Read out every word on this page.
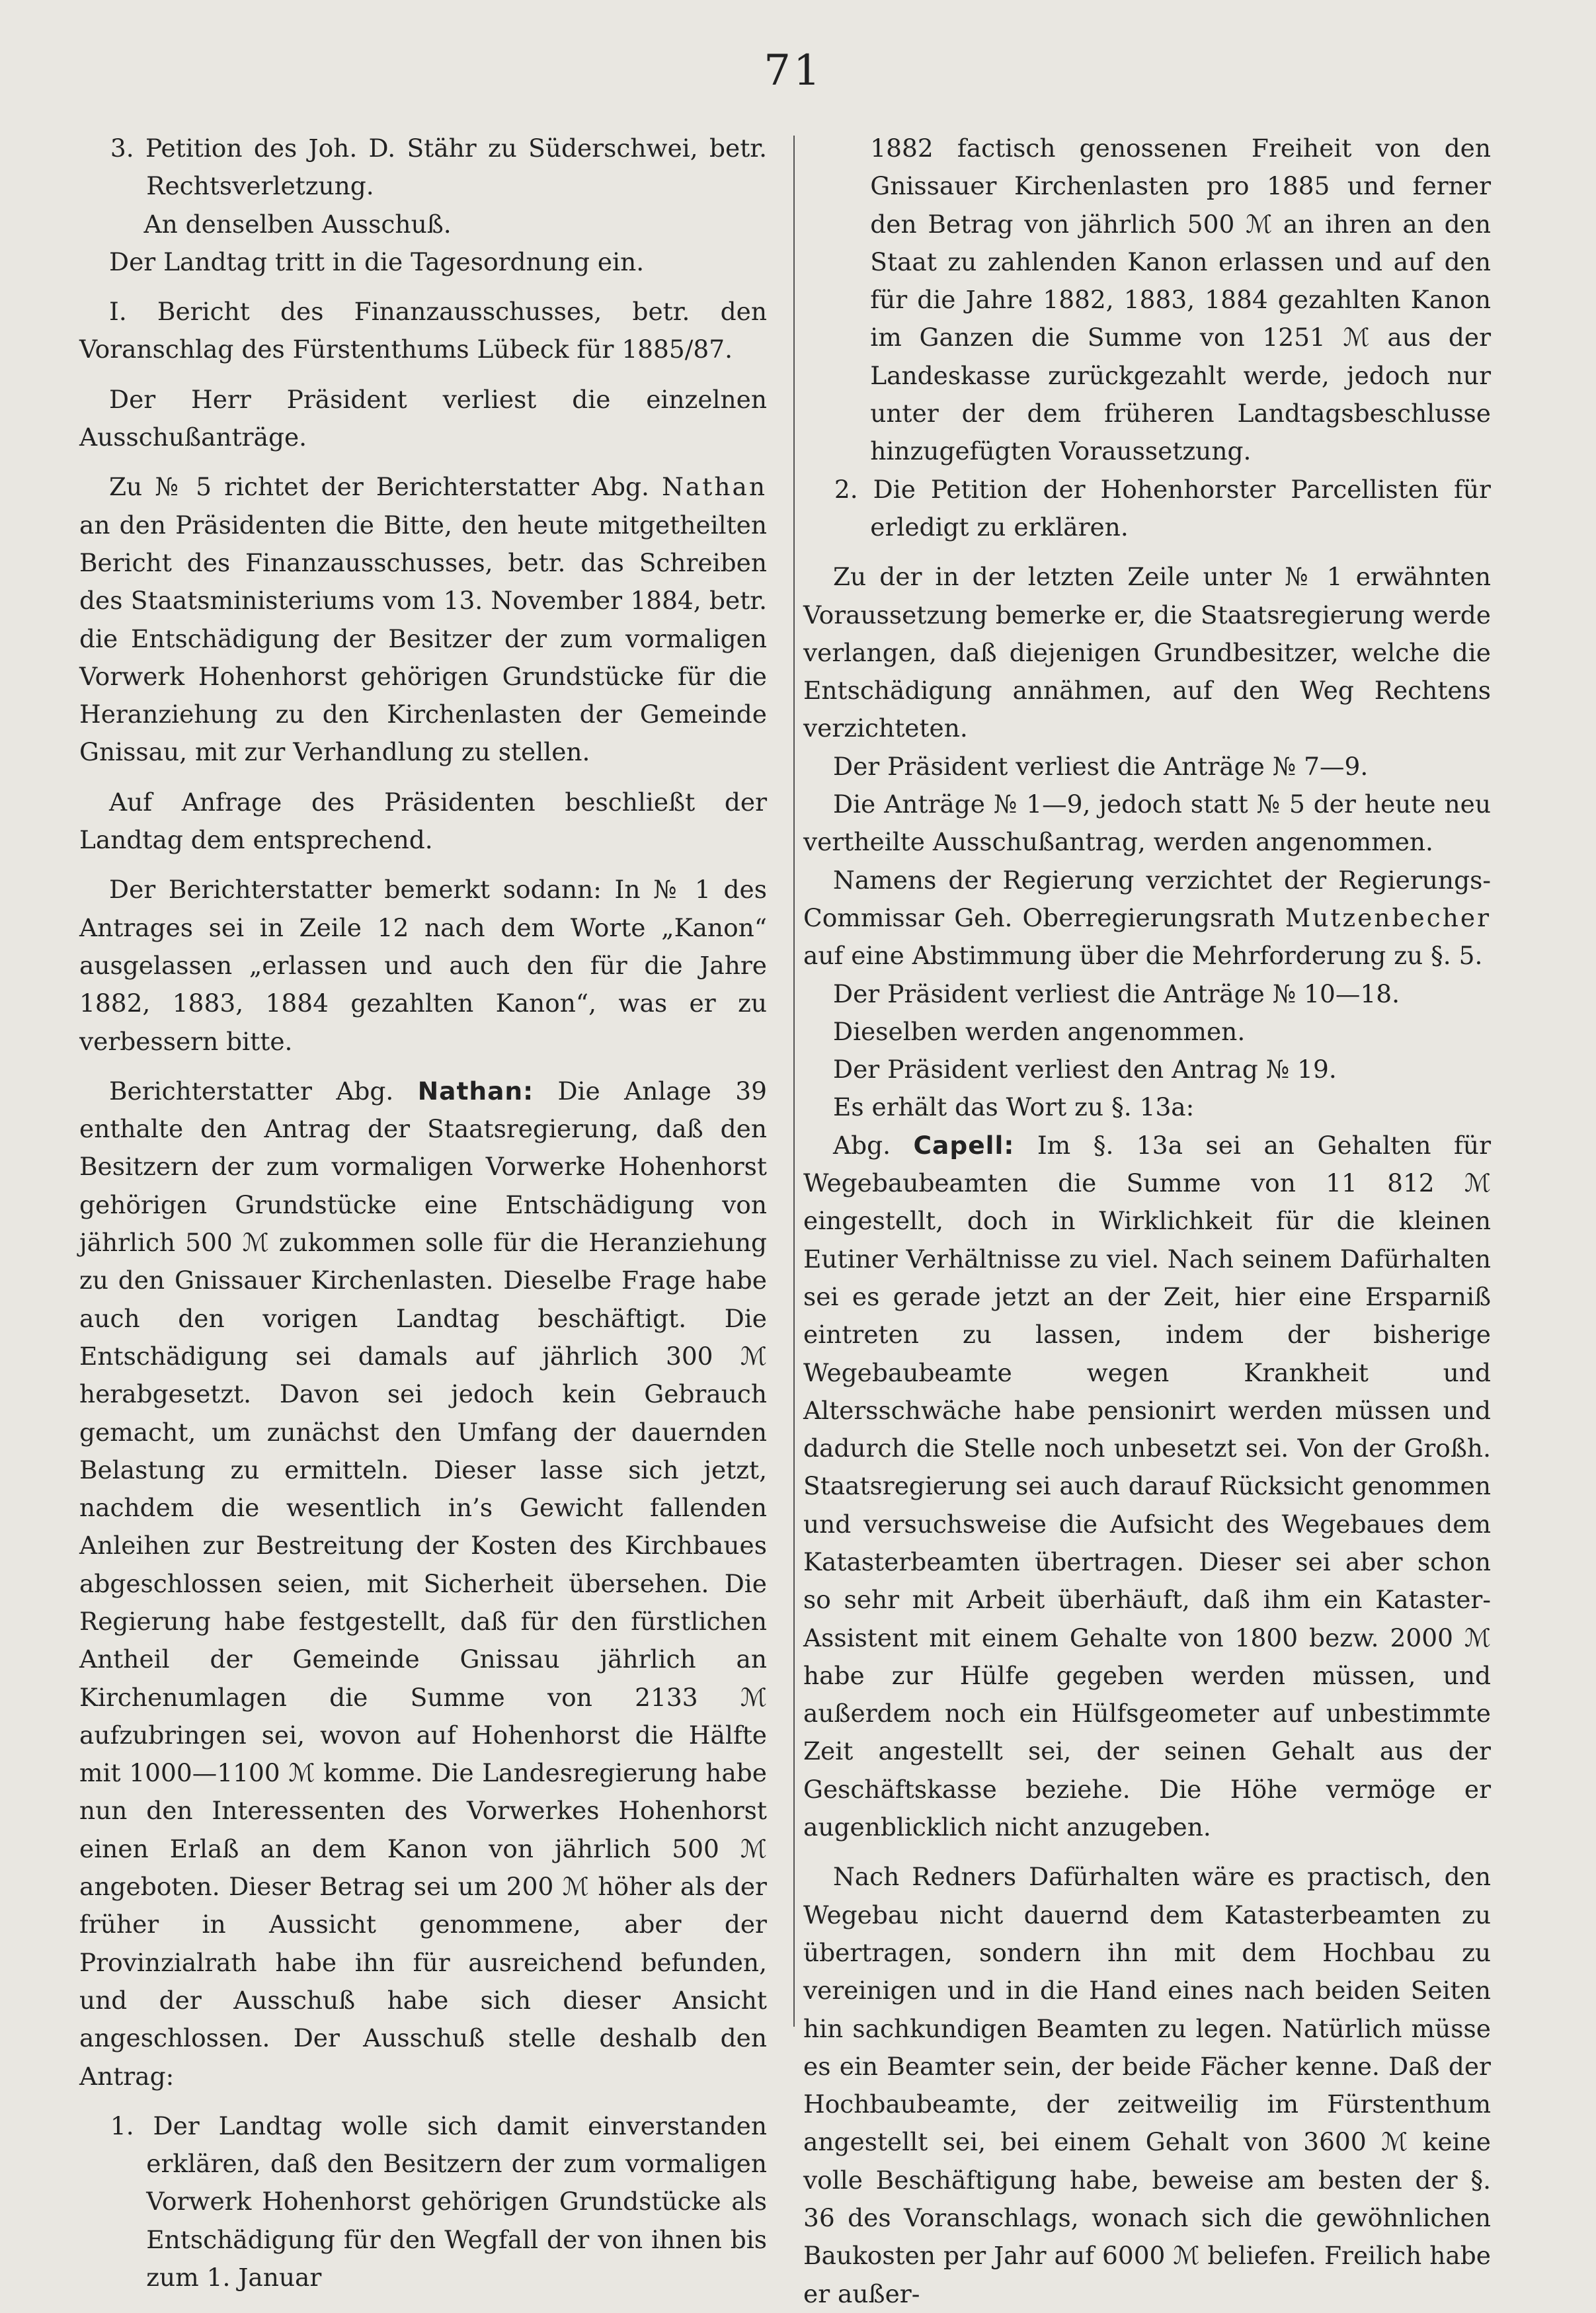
71

3. Petition des Joh. D. Stähr zu Süderschwei, betr. Rechtsverletzung.

An denselben Ausschuß.

Der Landtag tritt in die Tagesordnung ein.

I. Bericht des Finanzausschusses, betr. den Voranschlag des Fürstenthums Lübeck für 1885/87.

Der Herr Präsident verliest die einzelnen Ausschußanträge.

Zu № 5 richtet der Berichterstatter Abg. Nathan an den Präsidenten die Bitte, den heute mitgetheilten Bericht des Finanzausschusses, betr. das Schreiben des Staatsministeriums vom 13. November 1884, betr. die Entschädigung der Besitzer der zum vormaligen Vorwerk Hohenhorst gehörigen Grundstücke für die Heranziehung zu den Kirchenlasten der Gemeinde Gnissau, mit zur Verhandlung zu stellen.

Auf Anfrage des Präsidenten beschließt der Landtag dem entsprechend.

Der Berichterstatter bemerkt sodann: In № 1 des Antrages sei in Zeile 12 nach dem Worte „Kanon“ ausgelassen „erlassen und auch den für die Jahre 1882, 1883, 1884 gezahlten Kanon“, was er zu verbessern bitte.

Berichterstatter Abg. Nathan: Die Anlage 39 enthalte den Antrag der Staatsregierung, daß den Besitzern der zum vormaligen Vorwerke Hohenhorst gehörigen Grundstücke eine Entschädigung von jährlich 500 ℳ zukommen solle für die Heranziehung zu den Gnissauer Kirchenlasten. Dieselbe Frage habe auch den vorigen Landtag beschäftigt. Die Entschädigung sei damals auf jährlich 300 ℳ herabgesetzt. Davon sei jedoch kein Gebrauch gemacht, um zunächst den Umfang der dauernden Belastung zu ermitteln. Dieser lasse sich jetzt, nachdem die wesentlich in’s Gewicht fallenden Anleihen zur Bestreitung der Kosten des Kirchbaues abgeschlossen seien, mit Sicherheit übersehen. Die Regierung habe festgestellt, daß für den fürstlichen Antheil der Gemeinde Gnissau jährlich an Kirchenumlagen die Summe von 2133 ℳ aufzubringen sei, wovon auf Hohenhorst die Hälfte mit 1000—1100 ℳ komme. Die Landesregierung habe nun den Interessenten des Vorwerkes Hohenhorst einen Erlaß an dem Kanon von jährlich 500 ℳ angeboten. Dieser Betrag sei um 200 ℳ höher als der früher in Aussicht genommene, aber der Provinzialrath habe ihn für ausreichend befunden, und der Ausschuß habe sich dieser Ansicht angeschlossen. Der Ausschuß stelle deshalb den Antrag:

1. Der Landtag wolle sich damit einverstanden erklären, daß den Besitzern der zum vormaligen Vorwerk Hohenhorst gehörigen Grundstücke als Entschädigung für den Wegfall der von ihnen bis zum 1. Januar

1882 factisch genossenen Freiheit von den Gnissauer Kirchenlasten pro 1885 und ferner den Betrag von jährlich 500 ℳ an ihren an den Staat zu zahlenden Kanon erlassen und auf den für die Jahre 1882, 1883, 1884 gezahlten Kanon im Ganzen die Summe von 1251 ℳ aus der Landeskasse zurückgezahlt werde, jedoch nur unter der dem früheren Landtagsbeschlusse hinzugefügten Voraussetzung.

2. Die Petition der Hohenhorster Parcellisten für erledigt zu erklären.

Zu der in der letzten Zeile unter № 1 erwähnten Voraussetzung bemerke er, die Staatsregierung werde verlangen, daß diejenigen Grundbesitzer, welche die Entschädigung annähmen, auf den Weg Rechtens verzichteten.

Der Präsident verliest die Anträge № 7—9.

Die Anträge № 1—9, jedoch statt № 5 der heute neu vertheilte Ausschußantrag, werden angenommen.

Namens der Regierung verzichtet der Regierungs-Commissar Geh. Oberregierungsrath Mutzenbecher auf eine Abstimmung über die Mehrforderung zu §. 5.

Der Präsident verliest die Anträge № 10—18.

Dieselben werden angenommen.

Der Präsident verliest den Antrag № 19.

Es erhält das Wort zu §. 13a:

Abg. Capell: Im §. 13a sei an Gehalten für Wegebaubeamten die Summe von 11 812 ℳ eingestellt, doch in Wirklichkeit für die kleinen Eutiner Verhältnisse zu viel. Nach seinem Dafürhalten sei es gerade jetzt an der Zeit, hier eine Ersparniß eintreten zu lassen, indem der bisherige Wegebaubeamte wegen Krankheit und Altersschwäche habe pensionirt werden müssen und dadurch die Stelle noch unbesetzt sei. Von der Großh. Staatsregierung sei auch darauf Rücksicht genommen und versuchsweise die Aufsicht des Wegebaues dem Katasterbeamten übertragen. Dieser sei aber schon so sehr mit Arbeit überhäuft, daß ihm ein Kataster-Assistent mit einem Gehalte von 1800 bezw. 2000 ℳ habe zur Hülfe gegeben werden müssen, und außerdem noch ein Hülfsgeometer auf unbestimmte Zeit angestellt sei, der seinen Gehalt aus der Geschäftskasse beziehe. Die Höhe vermöge er augenblicklich nicht anzugeben.

Nach Redners Dafürhalten wäre es practisch, den Wegebau nicht dauernd dem Katasterbeamten zu übertragen, sondern ihn mit dem Hochbau zu vereinigen und in die Hand eines nach beiden Seiten hin sachkundigen Beamten zu legen. Natürlich müsse es ein Beamter sein, der beide Fächer kenne. Daß der Hochbaubeamte, der zeitweilig im Fürstenthum angestellt sei, bei einem Gehalt von 3600 ℳ keine volle Beschäftigung habe, beweise am besten der §. 36 des Voranschlags, wonach sich die gewöhnlichen Baukosten per Jahr auf 6000 ℳ beliefen. Freilich habe er außer-
